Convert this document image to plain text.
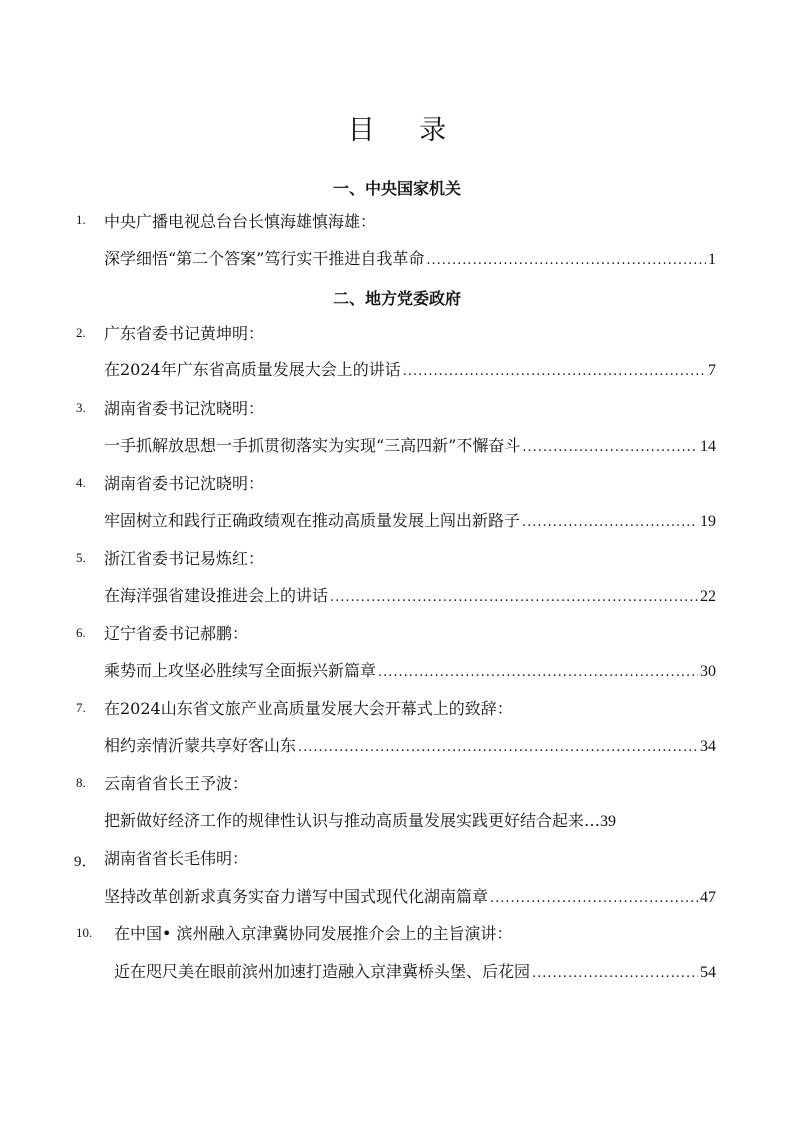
目 录
一、中央国家机关
1. 中央广播电视总台台长慎海雄慎海雄：
深学细悟“第二个答案”笃行实干推进自我革命 .....	1
二、地方党委政府
2. 广东省委书记黄坤明：
在2024年广东省高质量发展大会上的讲话 .....	7
3. 湖南省委书记沈晓明：
一手抓解放思想一手抓贯彻落实为实现“三高四新”不懈奋斗 .....	14
4. 湖南省委书记沈晓明：
牢固树立和践行正确政绩观在推动高质量发展上闯出新路子 .....	19
5. 浙江省委书记易炼红：
在海洋强省建设推进会上的讲话 .....	22
6. 辽宁省委书记郝鹏：
乘势而上攻坚必胜续写全面振兴新篇章 .....	30
7. 在2024山东省文旅产业高质量发展大会开幕式上的致辞：
相约亲情沂蒙共享好客山东 .....	34
8. 云南省省长王予波：
把新做好经济工作的规律性认识与推动高质量发展实践更好结合起来… 39
9． 湖南省省长毛伟明：
坚持改革创新求真务实奋力谱写中国式现代化湖南篇章 .....	47
10. 在中国• 滨州融入京津冀协同发展推介会上的主旨演讲：
近在咫尺美在眼前滨州加速打造融入京津冀桥头堡、后花园 .....	54
